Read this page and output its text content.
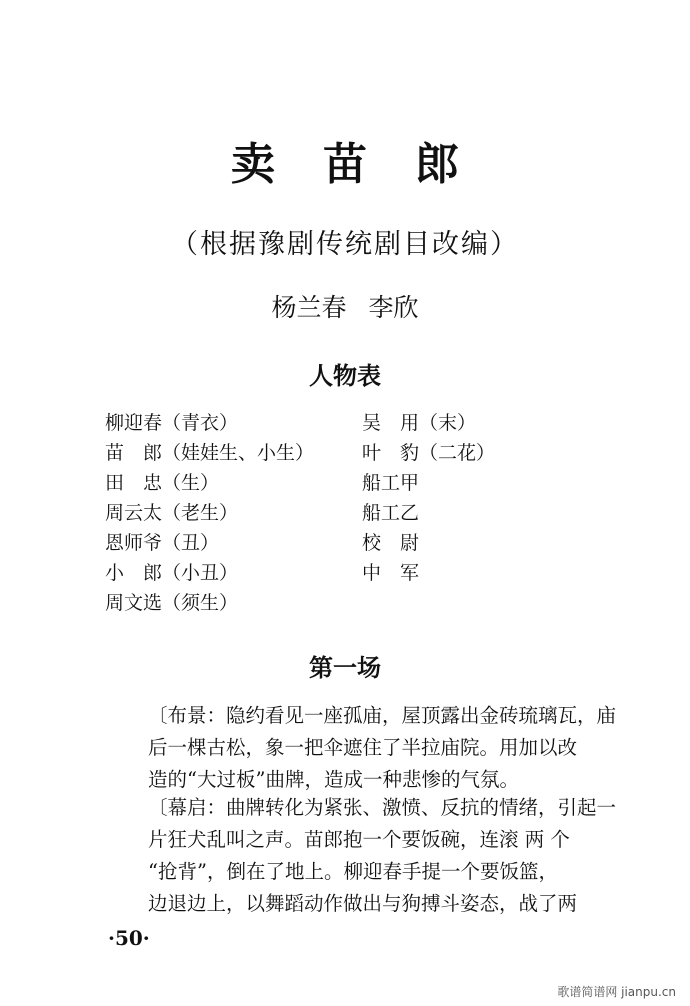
卖苗郎
（根据豫剧传统剧目改编）
杨兰春 李欣
人物表
柳迎春（青衣）
苗　郎（娃娃生、小生）
田　忠（生）
周云太（老生）
恩师爷（丑）
小　郎（小丑）
周文选（须生）
吴　用（末）
叶　豹（二花）
船工甲
船工乙
校　尉
中　军
第一场
〔布景：隐约看见一座孤庙，屋顶露出金砖琉璃瓦，庙
后一棵古松，象一把伞遮住了半拉庙院。用加以改
造的“大过板”曲牌，造成一种悲惨的气氛。
〔幕启：曲牌转化为紧张、激愤、反抗的情绪，引起一
片狂犬乱叫之声。苗郎抱一个要饭碗，连滚 两 个
“抢背”，倒在了地上。柳迎春手提一个要饭篮，
边退边上，以舞蹈动作做出与狗搏斗姿态，战了两
·50·
歌谱简谱网 jianpu.cn
